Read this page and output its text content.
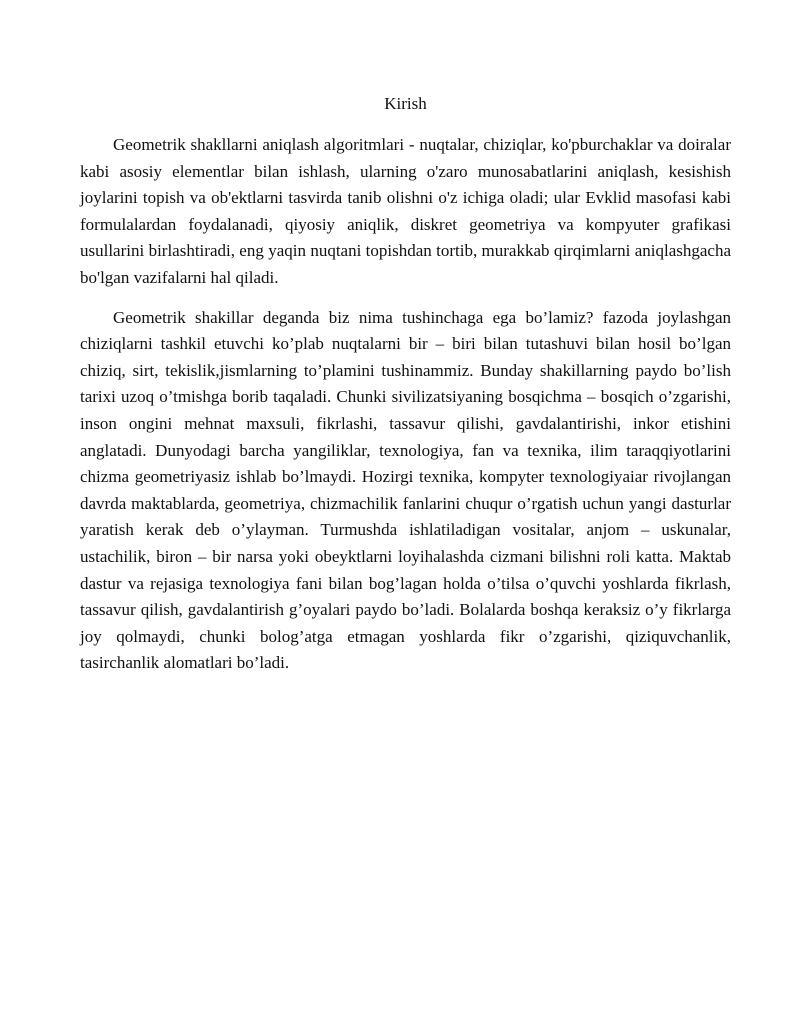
Kirish

Geometrik shakllarni aniqlash algoritmlari - nuqtalar, chiziqlar, ko'pburchaklar va doiralar kabi asosiy elementlar bilan ishlash, ularning o'zaro munosabatlarini aniqlash, kesishish joylarini topish va ob'ektlarni tasvirda tanib olishni o'z ichiga oladi; ular Evklid masofasi kabi formulalardan foydalanadi, qiyosiy aniqlik, diskret geometriya va kompyuter grafikasi usullarini birlashtiradi, eng yaqin nuqtani topishdan tortib, murakkab qirqimlarni aniqlashgacha bo'lgan vazifalarni hal qiladi.

Geometrik shakillar deganda biz nima tushinchaga ega bo’lamiz? fazoda joylashgan chiziqlarni tashkil etuvchi ko’plab nuqtalarni bir – biri bilan tutashuvi bilan hosil bo’lgan chiziq, sirt, tekislik,jismlarning to’plamini tushinammiz. Bunday shakillarning paydo bo’lish tarixi uzoq o’tmishga borib taqaladi. Chunki sivilizatsiyaning bosqichma – bosqich o’zgarishi, inson ongini mehnat maxsuli, fikrlashi, tassavur qilishi, gavdalantirishi, inkor etishini anglatadi. Dunyodagi barcha yangiliklar, texnologiya, fan va texnika, ilim taraqqiyotlarini chizma geometriyasiz ishlab bo’lmaydi. Hozirgi texnika, kompyter texnologiyaiar rivojlangan davrda maktablarda, geometriya, chizmachilik fanlarini chuqur o’rgatish uchun yangi dasturlar yaratish kerak deb o’ylayman. Turmushda ishlatiladigan vositalar, anjom – uskunalar, ustachilik, biron – bir narsa yoki obeyktlarni loyihalashda cizmani bilishni roli katta. Maktab dastur va rejasiga texnologiya fani bilan bog’lagan holda o’tilsa o’quvchi yoshlarda fikrlash, tassavur qilish, gavdalantirish g’oyalari paydo bo’ladi. Bolalarda boshqa keraksiz o’y fikrlarga joy qolmaydi, chunki bolog’atga etmagan yoshlarda fikr o’zgarishi, qiziquvchanlik, tasirchanlik alomatlari bo’ladi.
